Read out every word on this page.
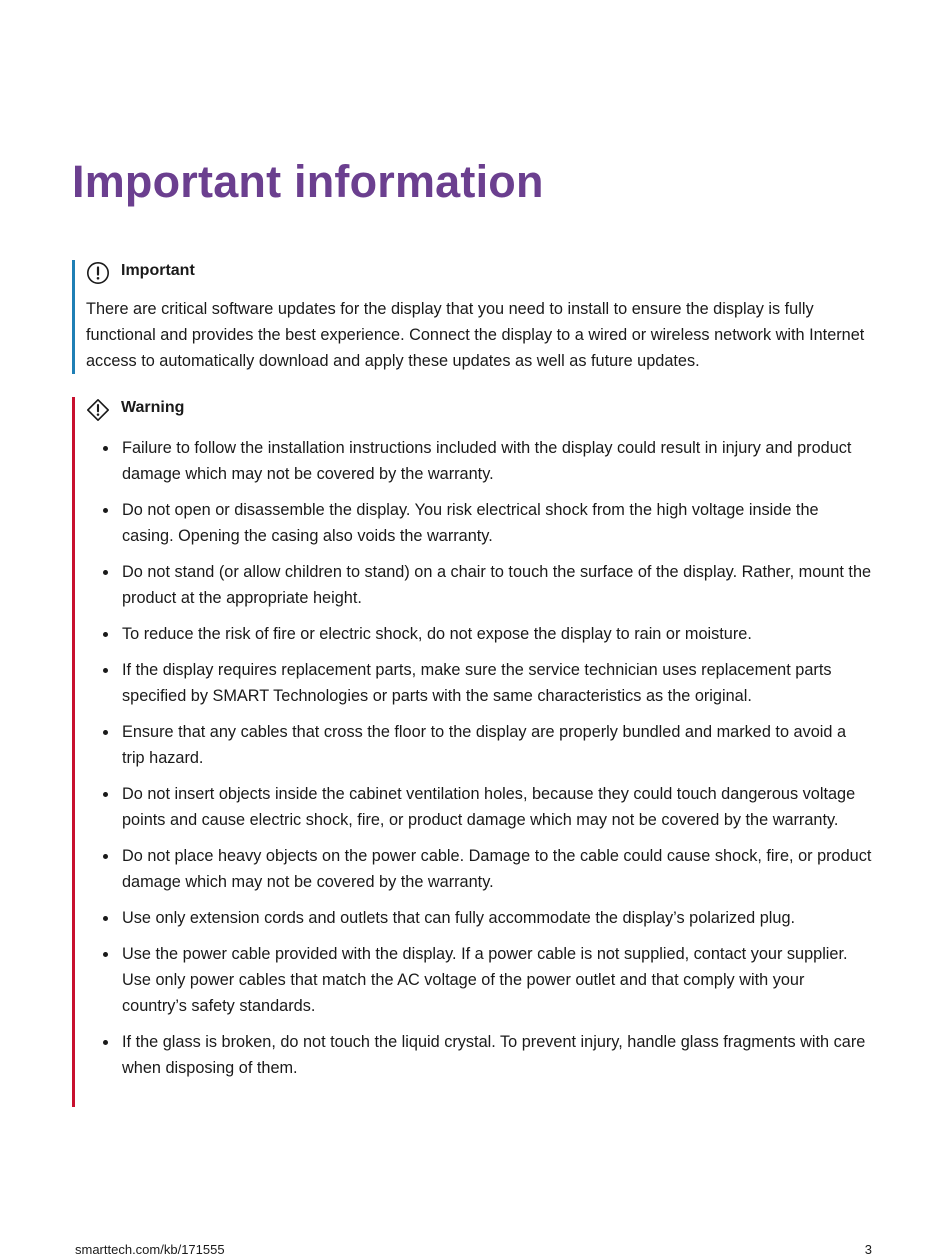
Important information
Important

There are critical software updates for the display that you need to install to ensure the display is fully functional and provides the best experience. Connect the display to a wired or wireless network with Internet access to automatically download and apply these updates as well as future updates.

Warning
Failure to follow the installation instructions included with the display could result in injury and product damage which may not be covered by the warranty.
Do not open or disassemble the display. You risk electrical shock from the high voltage inside the casing. Opening the casing also voids the warranty.
Do not stand (or allow children to stand) on a chair to touch the surface of the display. Rather, mount the product at the appropriate height.
To reduce the risk of fire or electric shock, do not expose the display to rain or moisture.
If the display requires replacement parts, make sure the service technician uses replacement parts specified by SMART Technologies or parts with the same characteristics as the original.
Ensure that any cables that cross the floor to the display are properly bundled and marked to avoid a trip hazard.
Do not insert objects inside the cabinet ventilation holes, because they could touch dangerous voltage points and cause electric shock, fire, or product damage which may not be covered by the warranty.
Do not place heavy objects on the power cable. Damage to the cable could cause shock, fire, or product damage which may not be covered by the warranty.
Use only extension cords and outlets that can fully accommodate the display’s polarized plug.
Use the power cable provided with the display. If a power cable is not supplied, contact your supplier. Use only power cables that match the AC voltage of the power outlet and that comply with your country’s safety standards.
If the glass is broken, do not touch the liquid crystal. To prevent injury, handle glass fragments with care when disposing of them.
smarttech.com/kb/171555	3
